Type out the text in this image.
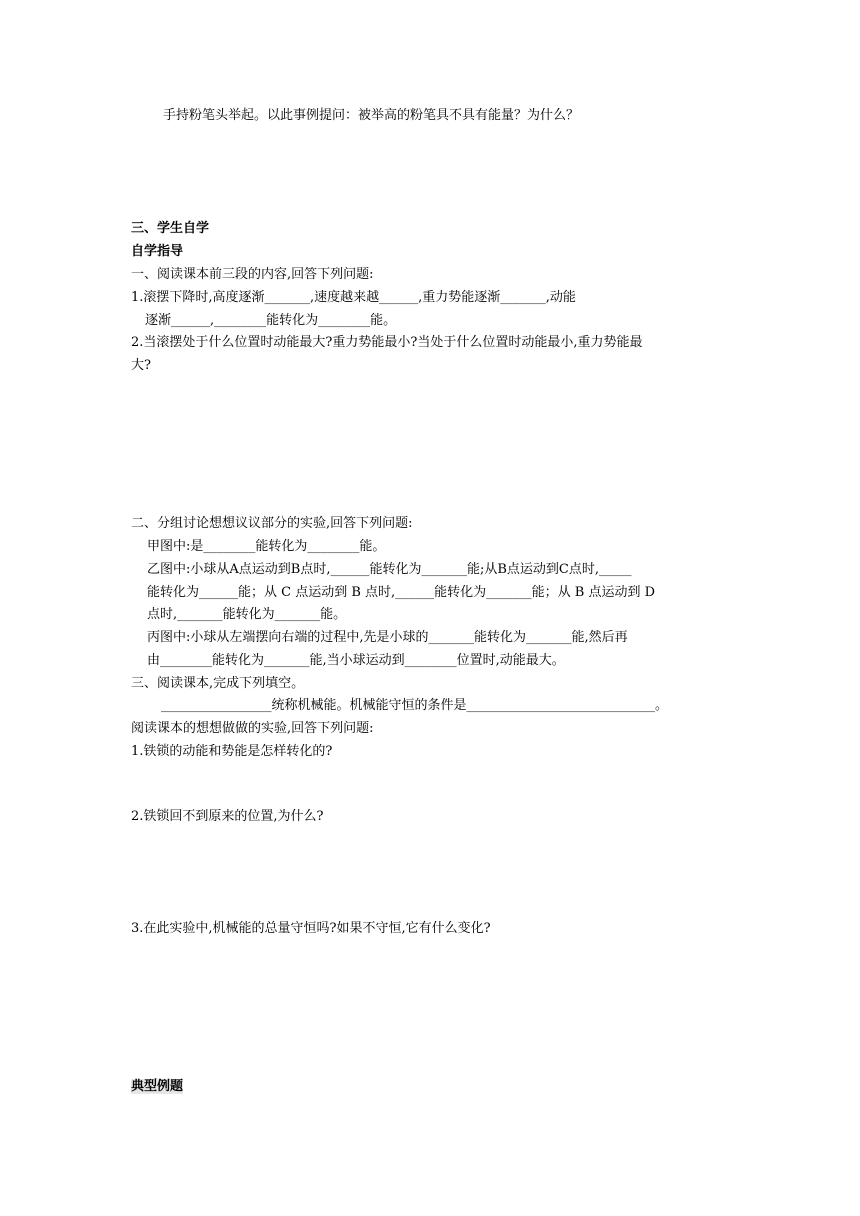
手持粉笔头举起。以此事例提问：被举高的粉笔具不具有能量？为什么？
三、学生自学
自学指导
一、阅读课本前三段的内容,回答下列问题:
1.滚摆下降时,高度逐渐_______,速度越来越______,重力势能逐渐_______,动能
逐渐______,________能转化为________能。
2.当滚摆处于什么位置时动能最大?重力势能最小?当处于什么位置时动能最小,重力势能最
大?
二、分组讨论想想议议部分的实验,回答下列问题:
甲图中:是________能转化为________能。
乙图中:小球从A点运动到B点时,______能转化为_______能;从B点运动到C点时,_____
能转化为______能；从 C 点运动到 B 点时,______能转化为_______能；从 B 点运动到 D
点时,_______能转化为_______能。
丙图中:小球从左端摆向右端的过程中,先是小球的_______能转化为_______能,然后再
由________能转化为_______能,当小球运动到________位置时,动能最大。
三、阅读课本,完成下列填空。
_________________统称机械能。机械能守恒的条件是_____________________________。
阅读课本的想想做做的实验,回答下列问题:
1.铁锁的动能和势能是怎样转化的?
2.铁锁回不到原来的位置,为什么?
3.在此实验中,机械能的总量守恒吗?如果不守恒,它有什么变化?
典型例题
